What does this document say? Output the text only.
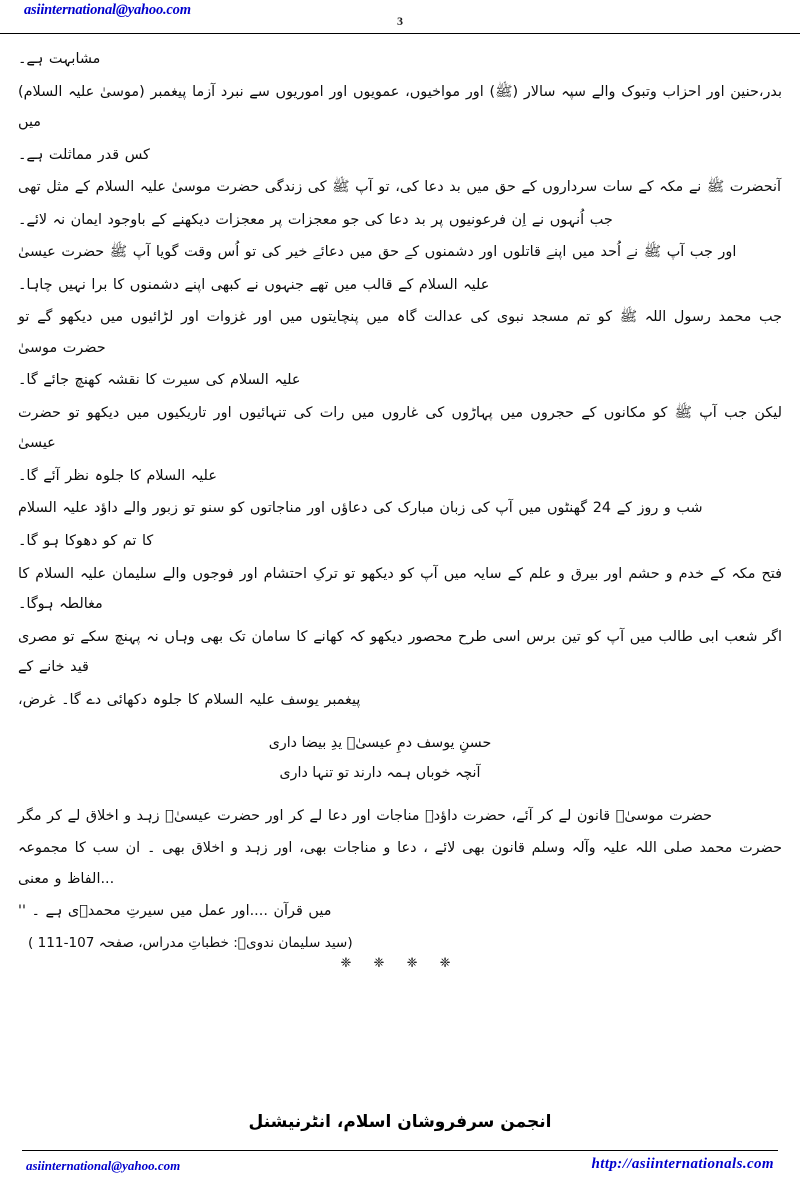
asiinternational@yahoo.com
3

مشابہت ہے۔

بدر،حنین اور احزاب وتبوک والے سپہ سالار (ﷺ) اور مواخیوں، عمویوں اور اموریوں سے نبرد آزما پیغمبر (موسیٰ علیہ السلام) میں

کس قدر مماثلت ہے۔

آنحضرت ﷺ نے مکہ کے سات سرداروں کے حق میں بد دعا کی، تو آپ ﷺ کی زندگی حضرت موسیٰ علیہ السلام کے مثل تھی

جب اُنہوں نے اِن فرعونیوں پر بد دعا کی جو معجزات پر معجزات دیکھنے کے باوجود ایمان نہ لائے۔

اور جب آپ ﷺ نے اُحد میں اپنے قاتلوں اور دشمنوں کے حق میں دعائے خیر کی تو اُس وقت گویا آپ ﷺ حضرت عیسیٰ

علیہ السلام کے قالب میں تھے جنہوں نے کبھی اپنے دشمنوں کا برا نہیں چاہا۔

جب محمد رسول اللہ ﷺ کو تم مسجد نبوی کی عدالت گاہ میں پنچایتوں میں اور غزوات اور لڑائیوں میں دیکھو گے تو حضرت موسیٰ

علیہ السلام کی سیرت کا نقشہ کھنچ جائے گا۔

لیکن جب آپ ﷺ کو مکانوں کے حجروں میں پہاڑوں کی غاروں میں رات کی تنہائیوں اور تاریکیوں میں دیکھو تو حضرت عیسیٰ

علیہ السلام کا جلوہ نظر آئے گا۔

شب و روز کے 24 گھنٹوں میں آپ کی زبان مبارک کی دعاؤں اور مناجاتوں کو سنو تو زبور والے داؤد علیہ السلام

کا تم کو دھوکا ہو گا۔

فتح مکہ کے خدم و حشم اور بیرق و علم کے سایہ میں آپ کو دیکھو تو ترکِ احتشام اور فوجوں والے سلیمان علیہ السلام کا مغالطہ ہوگا۔

اگر شعب ابی طالب میں آپ کو تین برس اسی طرح محصور دیکھو کہ کھانے کا سامان تک بھی وہاں نہ پہنچ سکے تو مصری قید خانے کے

پیغمبر یوسف علیہ السلام کا جلوہ دکھائی دے گا۔ غرض،

حسنِ یوسف دمِ عیسیٰؑ یدِ بیضا داری
آنچہ خوباں ہمہ دارند تو تنہا داری

حضرت موسیٰؑ قانون لے کر آئے، حضرت داؤدؑ مناجات اور دعا لے کر اور حضرت عیسیٰؑ زہد و اخلاق لے کر مگر

حضرت محمد صلی اللہ علیہ وآلہ وسلم قانون بھی لائے ، دعا و مناجات بھی، اور زہد و اخلاق بھی ۔ ان سب کا مجموعہ ...الفاظ و معنی

میں قرآن ....اور عمل میں سیرتِ محمدؐی ہے ۔ ''

(سید سلیمان ندویؒ: خطباتِ مدراس، صفحہ 107-111 )
❈ ❈ ❈ ❈
انجمن سرفروشان اسلام، انٹرنیشنل
asiinternational@yahoo.com	http://asiinternationals.com
